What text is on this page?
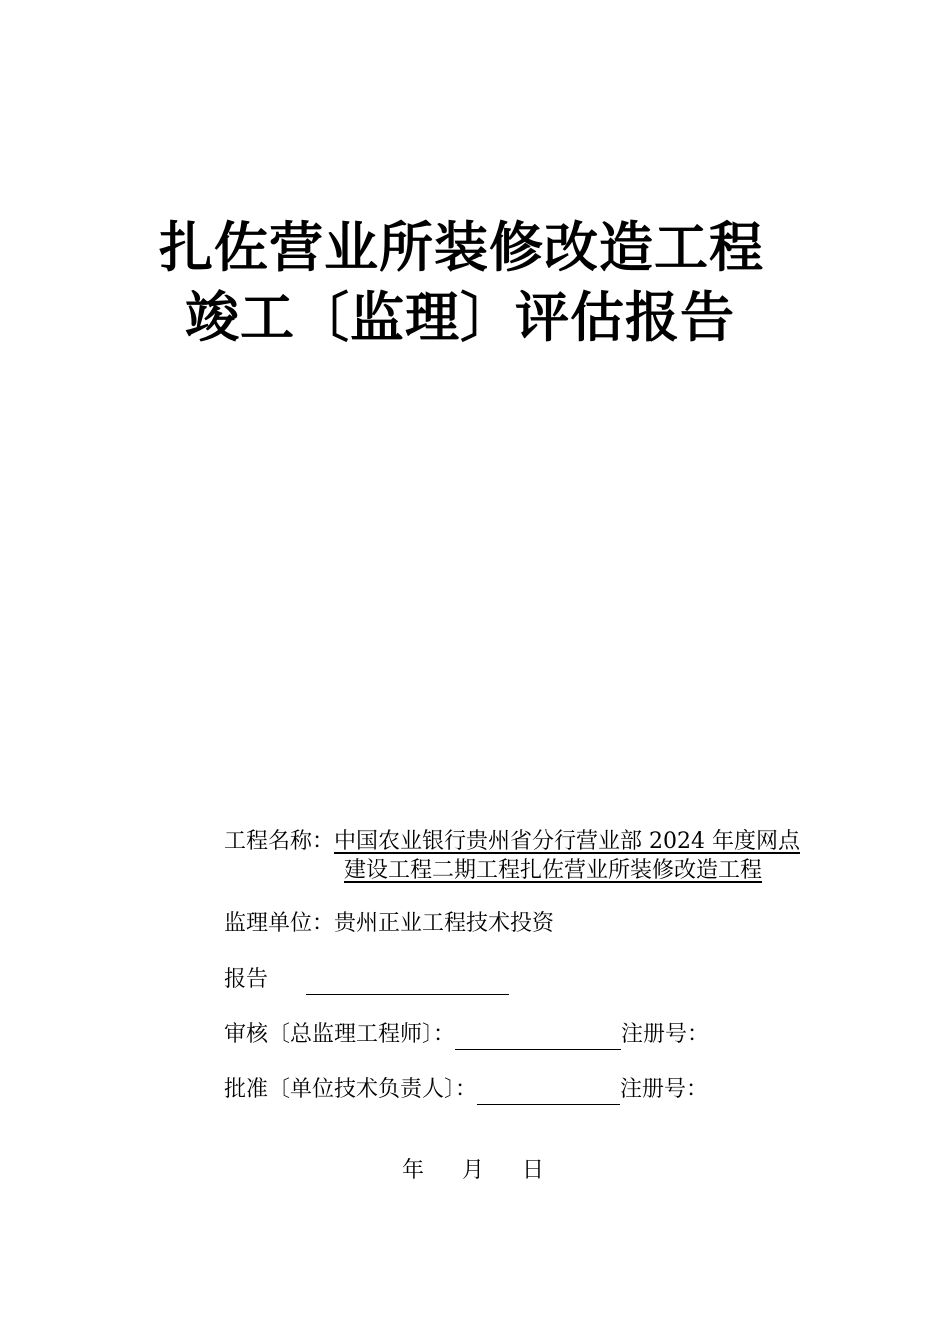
扎佐营业所装修改造工程
竣工〔监理〕评估报告
工程名称：中国农业银行贵州省分行营业部 2024 年度网点
建设工程二期工程扎佐营业所装修改造工程
监理单位：贵州正业工程技术投资
报告
审核〔总监理工程师〕：	注册号：
批准〔单位技术负责人〕：	注册号：
年 月 日
